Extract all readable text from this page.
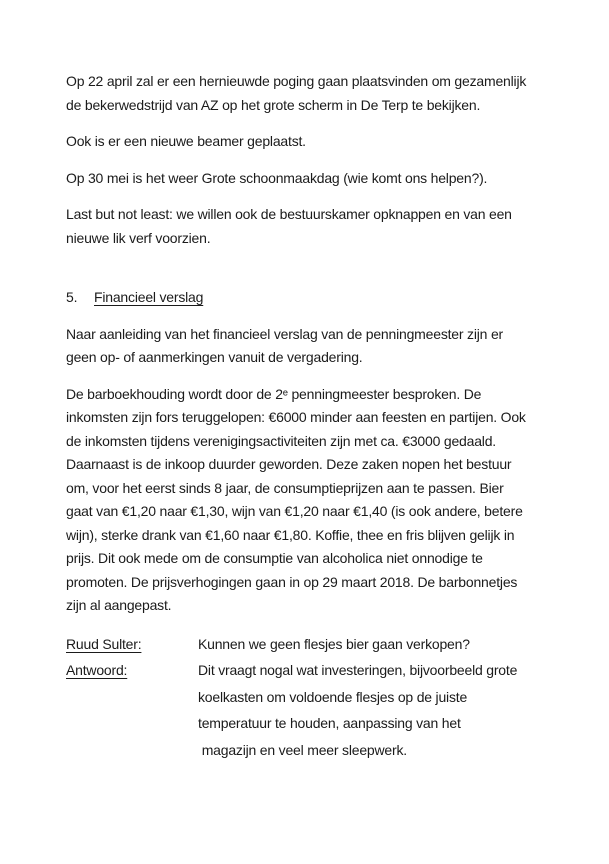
Op 22 april zal er een hernieuwde poging gaan plaatsvinden om gezamenlijk
de bekerwedstrijd van AZ op het grote scherm in De Terp te bekijken.
Ook is er een nieuwe beamer geplaatst.
Op 30 mei is het weer Grote schoonmaakdag (wie komt ons helpen?).
Last but not least: we willen ook de bestuurskamer opknappen en van een
nieuwe lik verf voorzien.
5. Financieel verslag
Naar aanleiding van het financieel verslag van de penningmeester zijn er
geen op- of aanmerkingen vanuit de vergadering.
De barboekhouding wordt door de 2ᵉ penningmeester besproken. De
inkomsten zijn fors teruggelopen: €6000 minder aan feesten en partijen. Ook
de inkomsten tijdens verenigingsactiviteiten zijn met ca. €3000 gedaald.
Daarnaast is de inkoop duurder geworden. Deze zaken nopen het bestuur
om, voor het eerst sinds 8 jaar, de consumptieprijzen aan te passen. Bier
gaat van €1,20 naar €1,30, wijn van €1,20 naar €1,40 (is ook andere, betere
wijn), sterke drank van €1,60 naar €1,80. Koffie, thee en fris blijven gelijk in
prijs. Dit ook mede om de consumptie van alcoholica niet onnodige te
promoten. De prijsverhogingen gaan in op 29 maart 2018. De barbonnetjes
zijn al aangepast.
Ruud Sulter:	Kunnen we geen flesjes bier gaan verkopen?
Antwoord:	Dit vraagt nogal wat investeringen, bijvoorbeeld grote
koelkasten om voldoende flesjes op de juiste
temperatuur te houden, aanpassing van het
magazijn en veel meer sleepwerk.
